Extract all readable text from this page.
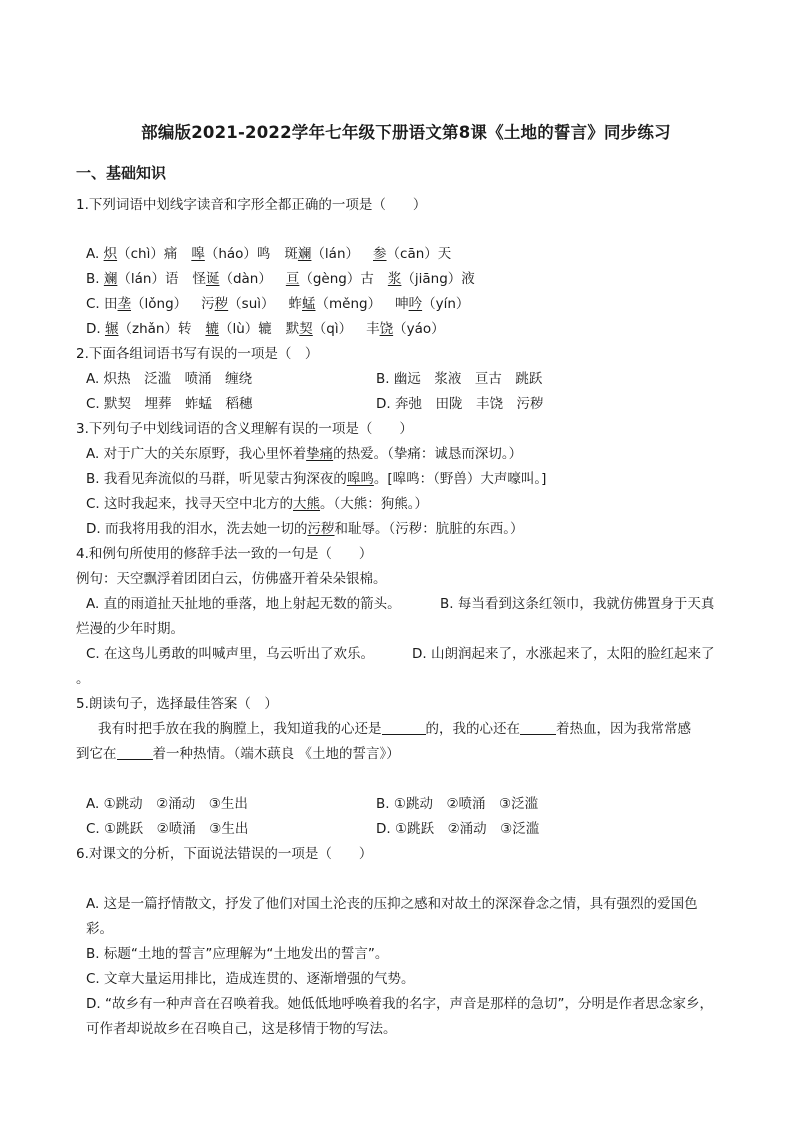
部编版2021-2022学年七年级下册语文第8课《土地的誓言》同步练习
一、基础知识
1.下列词语中划线字读音和字形全都正确的一项是（　　）
A. 炽（chì）痛 嗥（háo）鸣 斑斓（lán） 参（cān）天
B. 斓（lán）语 怪诞（dàn） 亘（gèng）古 浆（jiāng）液
C. 田垄（lǒng） 污秽（suì） 蚱蜢（měng） 呻吟（yín）
D. 辗（zhǎn）转 辘（lù）辘 默契（qì） 丰饶（yáo）
2.下面各组词语书写有误的一项是（　）
A. 炽热　泛滥　喷涌　缠绕	B. 幽远　浆液　亘古　跳跃
C. 默契　埋葬　蚱蜢　稻穗	D. 奔弛　田陇　丰饶　污秽
3.下列句子中划线词语的含义理解有误的一项是（　　）
A. 对于广大的关东原野，我心里怀着挚痛的热爱。（挚痛：诚恳而深切。）
B. 我看见奔流似的马群，听见蒙古狗深夜的嗥鸣。[嗥鸣：（野兽）大声嚎叫。]
C. 这时我起来，找寻天空中北方的大熊。（大熊：狗熊。）
D. 而我将用我的泪水，洗去她一切的污秽和耻辱。（污秽：肮脏的东西。）
4.和例句所使用的修辞手法一致的一句是（　　）
例句：天空飘浮着团团白云，仿佛盛开着朵朵银棉。
A. 直的雨道扯天扯地的垂落，地上射起无数的箭头。	B. 每当看到这条红领巾，我就仿佛置身于天真
烂漫的少年时期。
C. 在这鸟儿勇敢的叫喊声里，乌云听出了欢乐。	D. 山朗润起来了，水涨起来了，太阳的脸红起来了
。
5.朗读句子，选择最佳答案（　）
我有时把手放在我的胸膛上，我知道我的心还是	的，我的心还在	着热血，因为我常常感
到它在	着一种热情。（端木蕻良 《土地的誓言》）
A. ①跳动　②涌动　③生出	B. ①跳动　②喷涌　③泛滥
C. ①跳跃　②喷涌　③生出	D. ①跳跃　②涌动　③泛滥
6.对课文的分析，下面说法错误的一项是（　　）
A. 这是一篇抒情散文，抒发了他们对国土沦丧的压抑之感和对故土的深深眷念之情，具有强烈的爱国色
彩。
B. 标题“土地的誓言”应理解为“土地发出的誓言”。
C. 文章大量运用排比，造成连贯的、逐渐增强的气势。
D. “故乡有一种声音在召唤着我。她低低地呼唤着我的名字，声音是那样的急切”，分明是作者思念家乡，
可作者却说故乡在召唤自己，这是移情于物的写法。
